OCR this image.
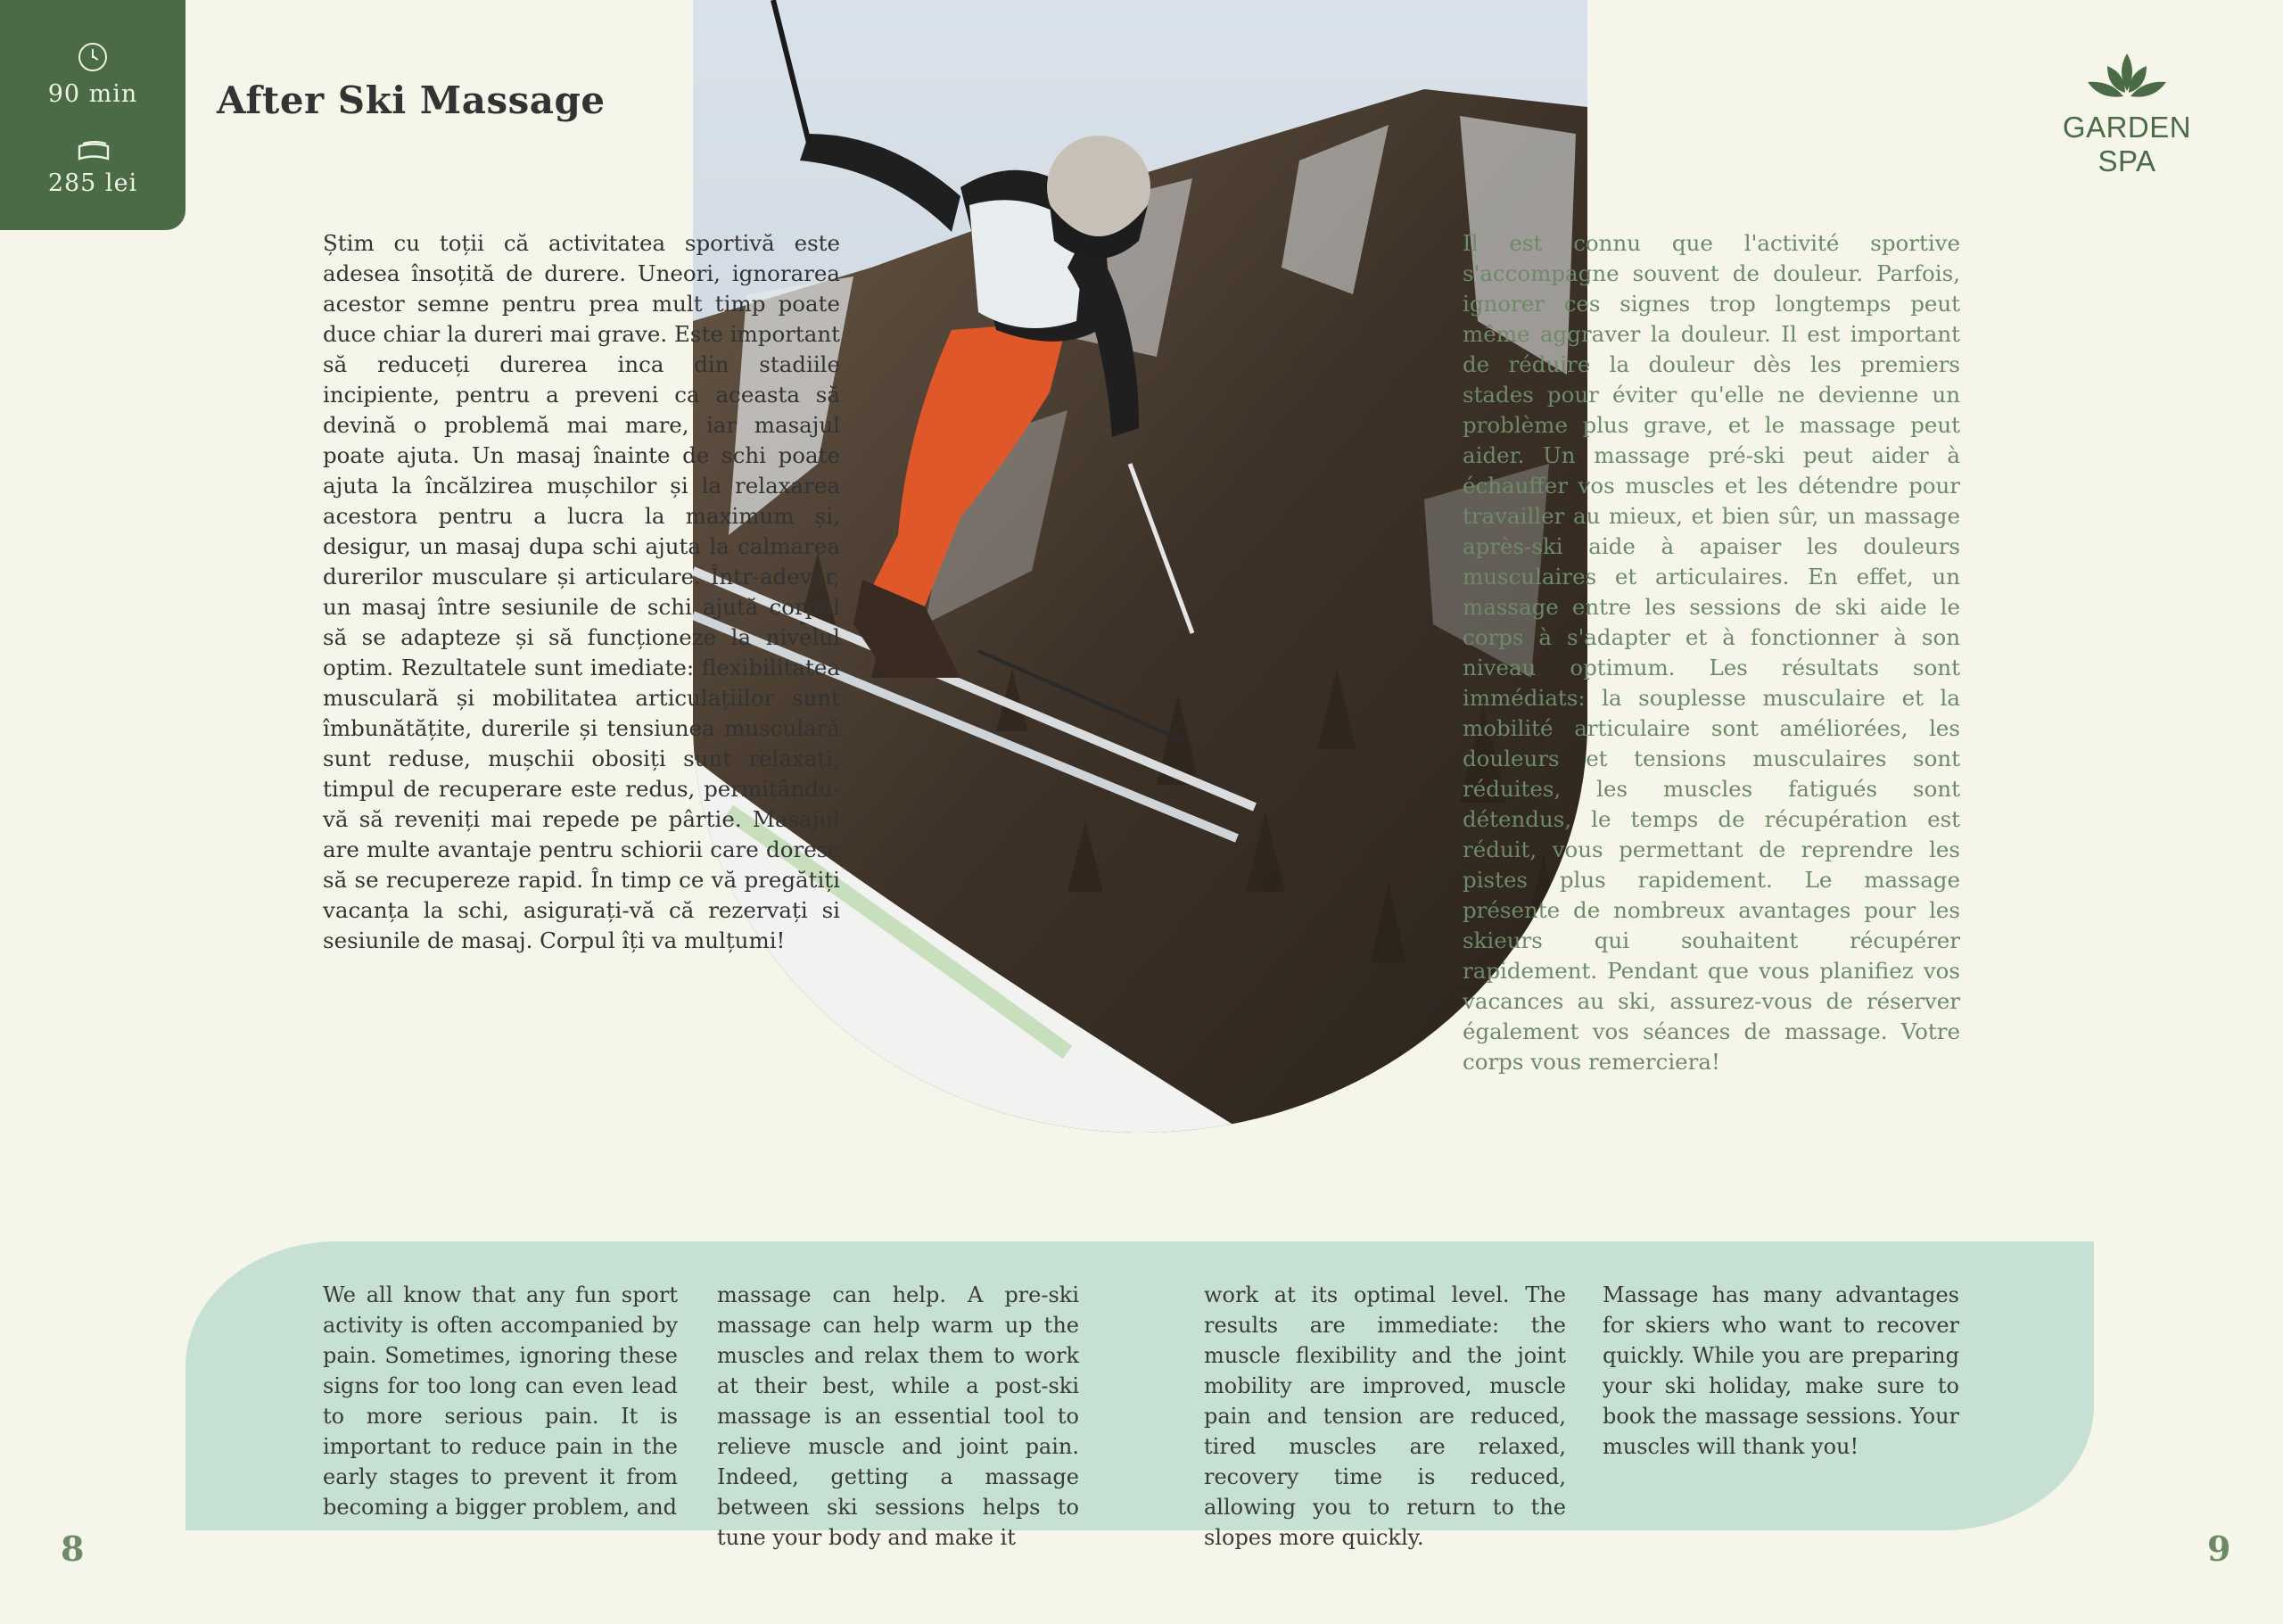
90 min
285 lei
After Ski Massage
GARDEN SPA
Știm cu toții că activitatea sportivă este adesea însoțită de durere. Uneori, ignorarea acestor semne pentru prea mult timp poate duce chiar la dureri mai grave. Este important să reduceți durerea inca din stadiile incipiente, pentru a preveni ca aceasta să devină o problemă mai mare, iar masajul poate ajuta. Un masaj înainte de schi poate ajuta la încălzirea mușchilor și la relaxarea acestora pentru a lucra la maximum și, desigur, un masaj dupa schi ajuta la calmarea durerilor musculare și articulare. Într-adevăr, un masaj între sesiunile de schi ajută corpul să se adapteze și să funcționeze la nivelul optim. Rezultatele sunt imediate: flexibilitatea musculară și mobilitatea articulațiilor sunt îmbunătățite, durerile și tensiunea musculară sunt reduse, mușchii obosiți sunt relaxați, timpul de recuperare este redus, permițându-vă să reveniți mai repede pe pârtie. Masajul are multe avantaje pentru schiorii care doresc să se recupereze rapid. În timp ce vă pregătiți vacanța la schi, asigurați-vă că rezervați si sesiunile de masaj. Corpul îți va mulțumi!

Il est connu que l'activité sportive s'accompagne souvent de douleur. Parfois, ignorer ces signes trop longtemps peut même aggraver la douleur. Il est important de réduire la douleur dès les premiers stades pour éviter qu'elle ne devienne un problème plus grave, et le massage peut aider. Un massage pré-ski peut aider à échauffer vos muscles et les détendre pour travailler au mieux, et bien sûr, un massage après-ski aide à apaiser les douleurs musculaires et articulaires. En effet, un massage entre les sessions de ski aide le corps à s'adapter et à fonctionner à son niveau optimum. Les résultats sont immédiats: la souplesse musculaire et la mobilité articulaire sont améliorées, les douleurs et tensions musculaires sont réduites, les muscles fatigués sont détendus, le temps de récupération est réduit, vous permettant de reprendre les pistes plus rapidement. Le massage présente de nombreux avantages pour les skieurs qui souhaitent récupérer rapidement. Pendant que vous planifiez vos vacances au ski, assurez-vous de réserver également vos séances de massage. Votre corps vous remerciera!

We all know that any fun sport activity is often accompanied by pain. Sometimes, ignoring these signs for too long can even lead to more serious pain. It is important to reduce pain in the early stages to prevent it from becoming a bigger problem, and
massage can help. A pre-ski massage can help warm up the muscles and relax them to work at their best, while a post-ski massage is an essential tool to relieve muscle and joint pain. Indeed, getting a massage between ski sessions helps to tune your body and make it
work at its optimal level. The results are immediate: the muscle flexibility and the joint mobility are improved, muscle pain and tension are reduced, tired muscles are relaxed, recovery time is reduced, allowing you to return to the slopes more quickly.
Massage has many advantages for skiers who want to recover quickly. While you are preparing your ski holiday, make sure to book the massage sessions. Your muscles will thank you!
8	9
